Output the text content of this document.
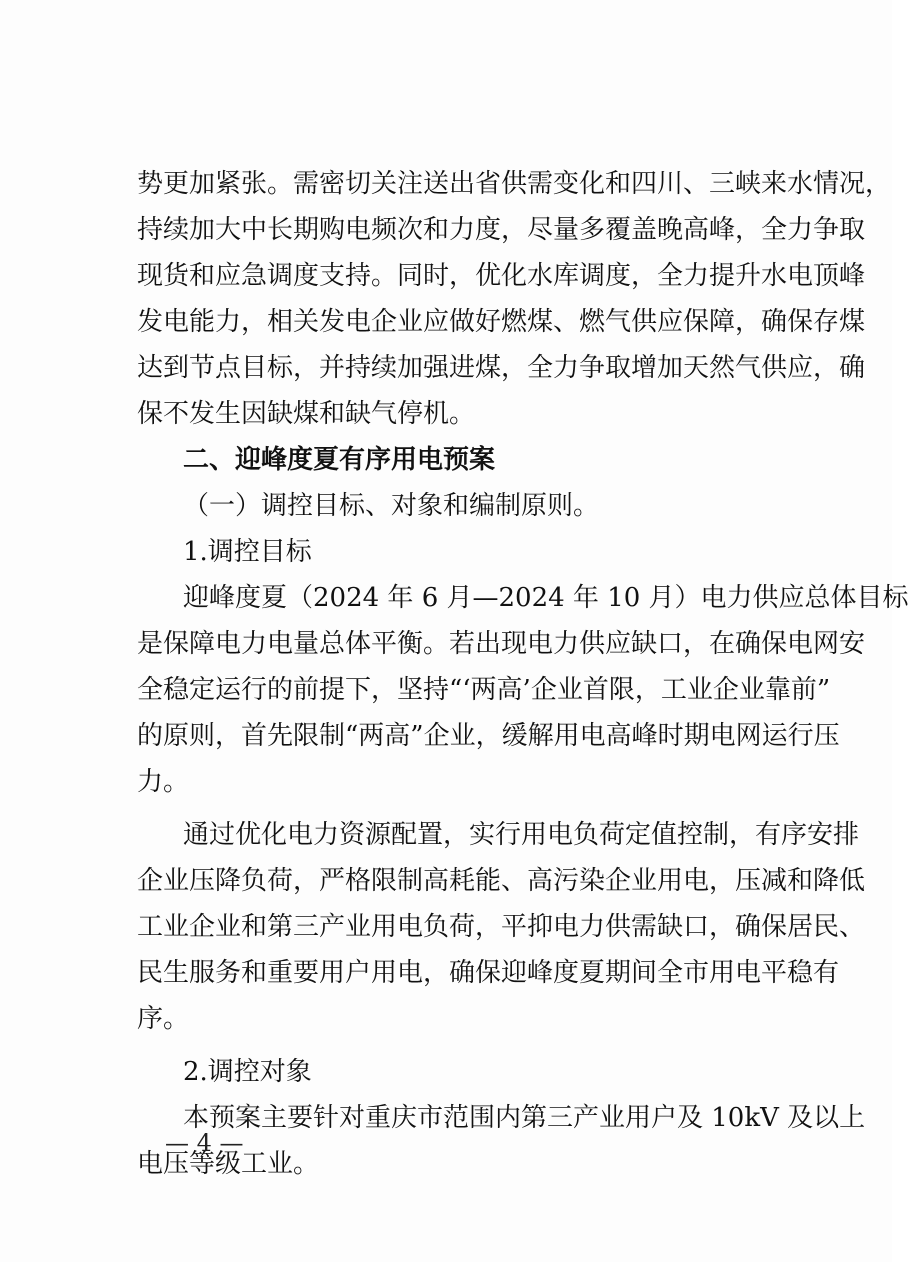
势更加紧张。需密切关注送出省供需变化和四川、三峡来水情况，
持续加大中长期购电频次和力度，尽量多覆盖晚高峰，全力争取
现货和应急调度支持。同时，优化水库调度，全力提升水电顶峰
发电能力，相关发电企业应做好燃煤、燃气供应保障，确保存煤
达到节点目标，并持续加强进煤，全力争取增加天然气供应，确
保不发生因缺煤和缺气停机。
二、迎峰度夏有序用电预案
（一）调控目标、对象和编制原则。
1.调控目标
迎峰度夏（2024 年 6 月—2024 年 10 月）电力供应总体目标
是保障电力电量总体平衡。若出现电力供应缺口，在确保电网安
全稳定运行的前提下，坚持“‘两高’企业首限，工业企业靠前”
的原则，首先限制“两高”企业，缓解用电高峰时期电网运行压
力。
通过优化电力资源配置，实行用电负荷定值控制，有序安排
企业压降负荷，严格限制高耗能、高污染企业用电，压减和降低
工业企业和第三产业用电负荷，平抑电力供需缺口，确保居民、
民生服务和重要用户用电，确保迎峰度夏期间全市用电平稳有
序。
2.调控对象
本预案主要针对重庆市范围内第三产业用户及 10kV 及以上
电压等级工业。
— 4 —
